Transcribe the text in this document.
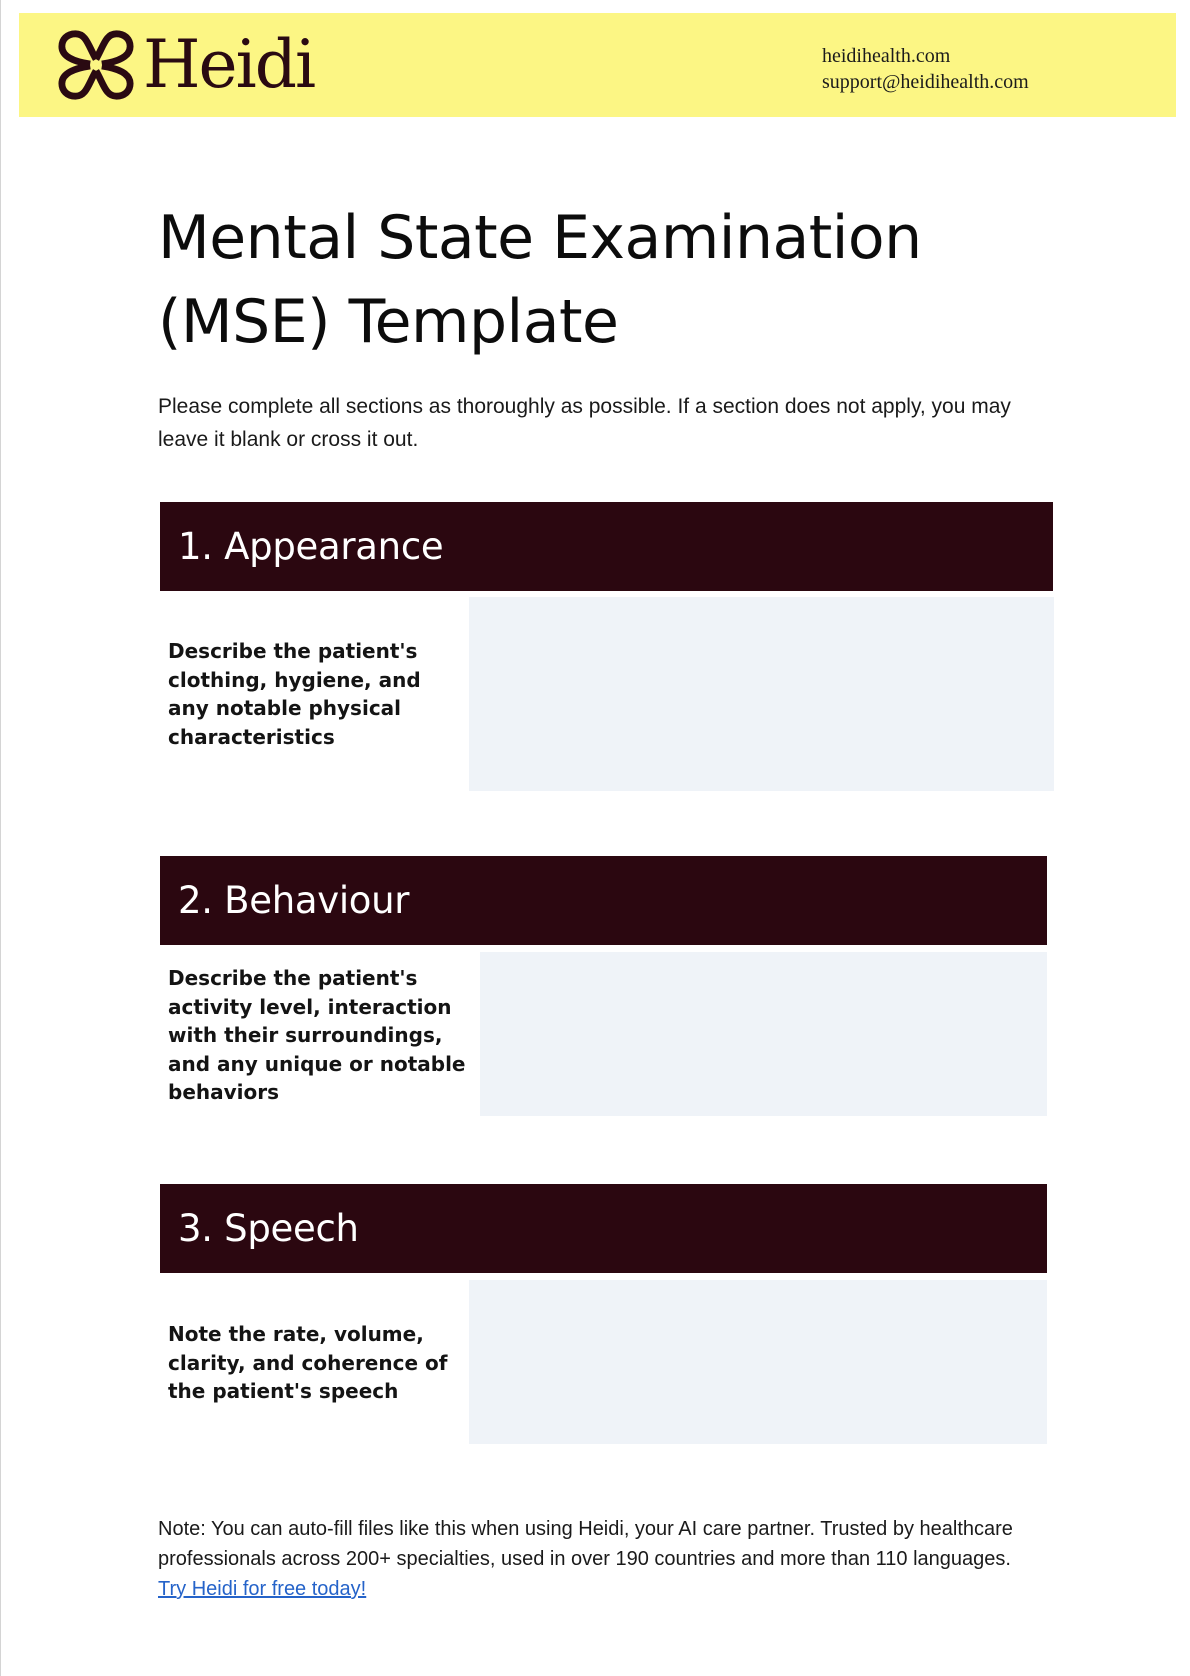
Heidi	heidihealth.com
support@heidihealth.com
Mental State Examination (MSE) Template

Please complete all sections as thoroughly as possible. If a section does not apply, you may leave it blank or cross it out.

1. Appearance

Describe the patient's clothing, hygiene, and any notable physical characteristics

2. Behaviour

Describe the patient's activity level, interaction with their surroundings, and any unique or notable behaviors

3. Speech

Note the rate, volume, clarity, and coherence of the patient's speech

Note: You can auto-fill files like this when using Heidi, your AI care partner. Trusted by healthcare professionals across 200+ specialties, used in over 190 countries and more than 110 languages.
Try Heidi for free today!
